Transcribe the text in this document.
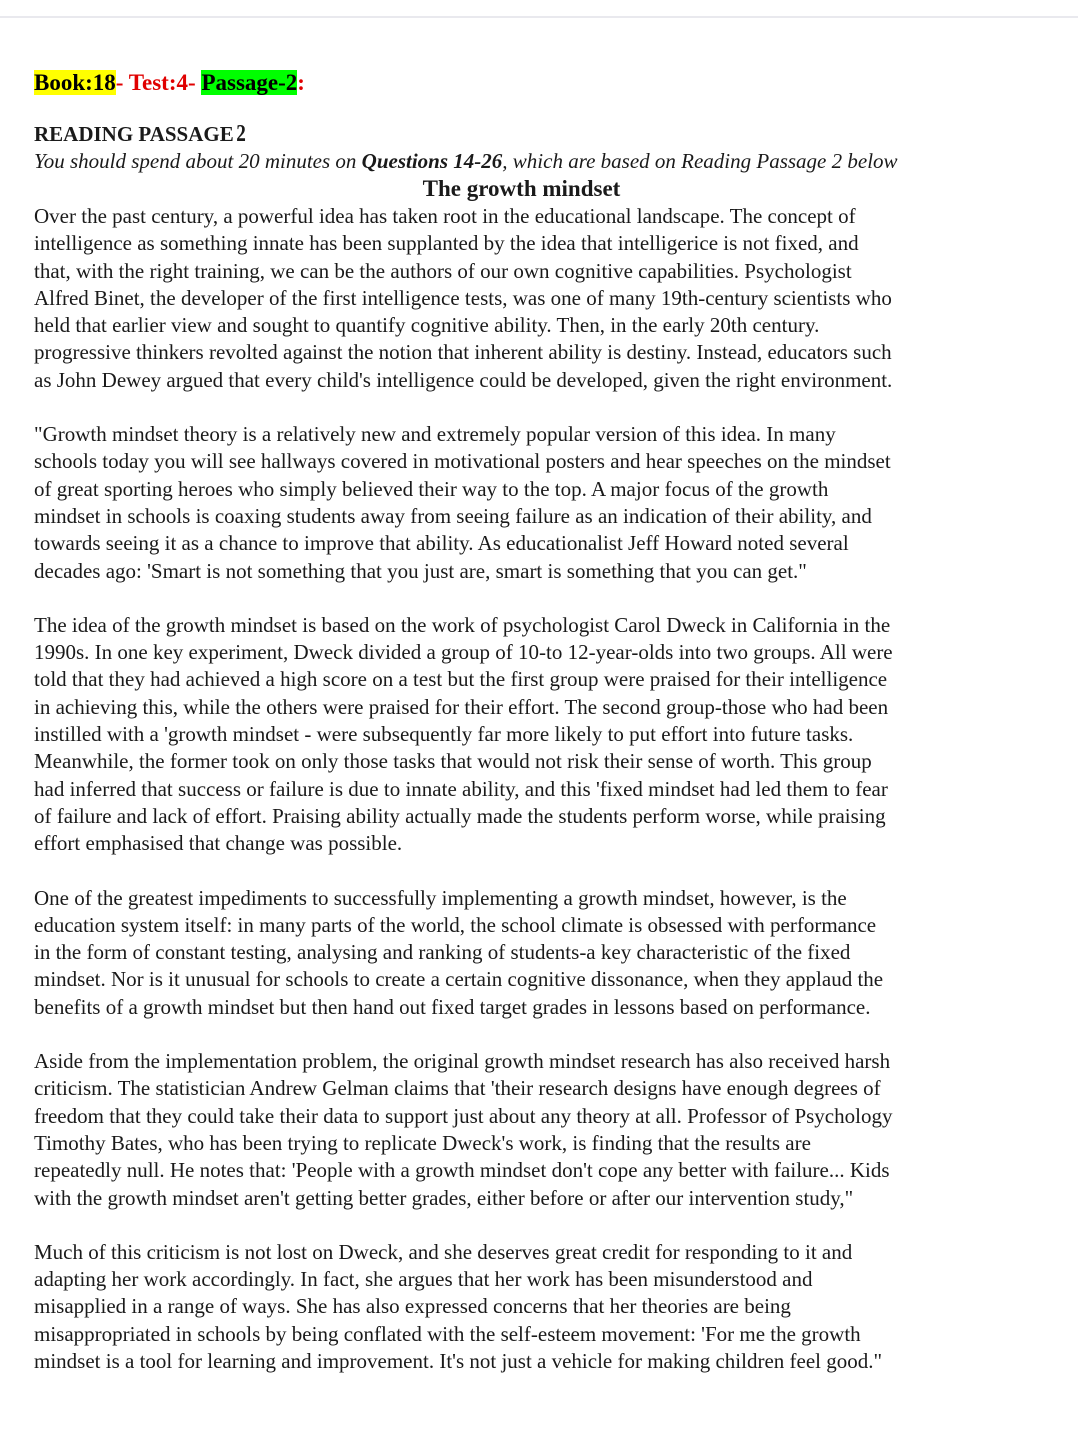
Book:18- Test:4- Passage-2:

READING PASSAGE2

You should spend about 20 minutes on Questions 14-26, which are based on Reading Passage 2 below

The growth mindset

Over the past century, a powerful idea has taken root in the educational landscape. The concept of
intelligence as something innate has been supplanted by the idea that intelligerice is not fixed, and
that, with the right training, we can be the authors of our own cognitive capabilities. Psychologist
Alfred Binet, the developer of the first intelligence tests, was one of many 19th-century scientists who
held that earlier view and sought to quantify cognitive ability. Then, in the early 20th century.
progressive thinkers revolted against the notion that inherent ability is destiny. Instead, educators such
as John Dewey argued that every child's intelligence could be developed, given the right environment.

"Growth mindset theory is a relatively new and extremely popular version of this idea. In many
schools today you will see hallways covered in motivational posters and hear speeches on the mindset
of great sporting heroes who simply believed their way to the top. A major focus of the growth
mindset in schools is coaxing students away from seeing failure as an indication of their ability, and
towards seeing it as a chance to improve that ability. As educationalist Jeff Howard noted several
decades ago: 'Smart is not something that you just are, smart is something that you can get."

The idea of the growth mindset is based on the work of psychologist Carol Dweck in California in the
1990s. In one key experiment, Dweck divided a group of 10-to 12-year-olds into two groups. All were
told that they had achieved a high score on a test but the first group were praised for their intelligence
in achieving this, while the others were praised for their effort. The second group-those who had been
instilled with a 'growth mindset - were subsequently far more likely to put effort into future tasks.
Meanwhile, the former took on only those tasks that would not risk their sense of worth. This group
had inferred that success or failure is due to innate ability, and this 'fixed mindset had led them to fear
of failure and lack of effort. Praising ability actually made the students perform worse, while praising
effort emphasised that change was possible.

One of the greatest impediments to successfully implementing a growth mindset, however, is the
education system itself: in many parts of the world, the school climate is obsessed with performance
in the form of constant testing, analysing and ranking of students-a key characteristic of the fixed
mindset. Nor is it unusual for schools to create a certain cognitive dissonance, when they applaud the
benefits of a growth mindset but then hand out fixed target grades in lessons based on performance.

Aside from the implementation problem, the original growth mindset research has also received harsh
criticism. The statistician Andrew Gelman claims that 'their research designs have enough degrees of
freedom that they could take their data to support just about any theory at all. Professor of Psychology
Timothy Bates, who has been trying to replicate Dweck's work, is finding that the results are
repeatedly null. He notes that: 'People with a growth mindset don't cope any better with failure... Kids
with the growth mindset aren't getting better grades, either before or after our intervention study,"

Much of this criticism is not lost on Dweck, and she deserves great credit for responding to it and
adapting her work accordingly. In fact, she argues that her work has been misunderstood and
misapplied in a range of ways. She has also expressed concerns that her theories are being
misappropriated in schools by being conflated with the self-esteem movement: 'For me the growth
mindset is a tool for learning and improvement. It's not just a vehicle for making children feel good."
